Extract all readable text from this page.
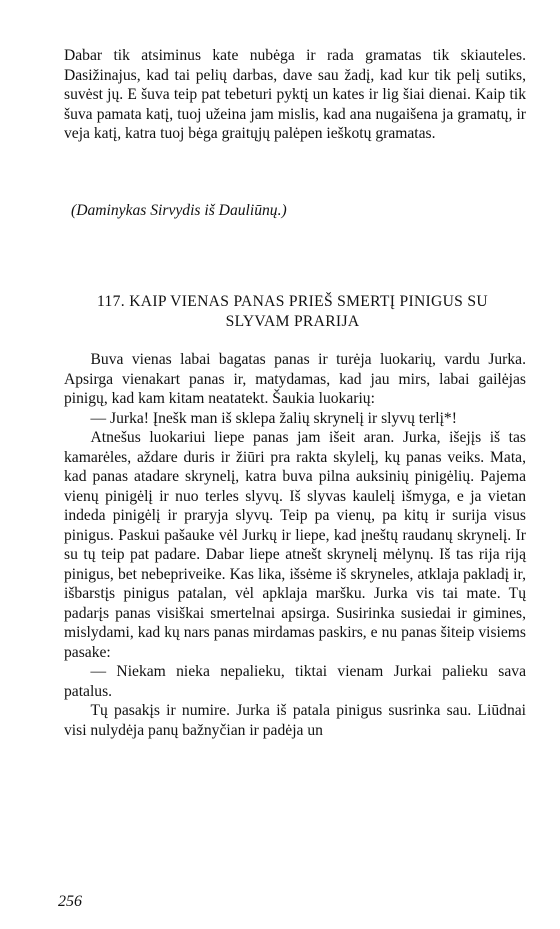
Dabar tik atsiminus kate nubėga ir rada gramatas tik skiauteles. Dasižinajus, kad tai pelių darbas, dave sau žadį, kad kur tik pelį sutiks, suvėst jų. E šuva teip pat tebeturi pyktį un kates ir lig šiai dienai. Kaip tik šuva pamata katį, tuoj užeina jam mislis, kad ana nugaišena ja gramatų, ir veja katį, katra tuoj bėga graitųjų palėpen ieškotų gramatas.

(Daminykas Sirvydis iš Dauliūnų.)
117. KAIP VIENAS PANAS PRIEŠ SMERTĮ PINIGUS SU SLYVAM PRARIJA

Buva vienas labai bagatas panas ir turėja luokarių, vardu Jurka. Apsirga vienakart panas ir, matydamas, kad jau mirs, labai gailėjas pinigų, kad kam kitam neatatekt. Šaukia luokarių:

— Jurka! Įnešk man iš sklepa žalių skrynelį ir slyvų terlį*!

Atnešus luokariui liepe panas jam išeit aran. Jurka, išejįs iš tas kamarėles, aždare duris ir žiūri pra rakta skylelį, kų panas veiks. Mata, kad panas atadare skrynelį, katra buva pilna auksinių pinigėlių. Pajema vienų pinigėlį ir nuo terles slyvų. Iš slyvas kaulelį išmyga, e ja vietan indeda pinigėlį ir praryja slyvų. Teip pa vienų, pa kitų ir surija visus pinigus. Paskui pašauke vėl Jurkų ir liepe, kad įneštų raudanų skrynelį. Ir su tų teip pat padare. Dabar liepe atnešt skrynelį mėlynų. Iš tas rija riją pinigus, bet nebepriveike. Kas lika, išsėme iš skryneles, atklaja pakladį ir, išbarstįs pinigus patalan, vėl apklaja maršku. Jurka vis tai mate. Tų padarįs panas visiškai smertelnai apsirga. Susirinka susiedai ir gimines, mislydami, kad kų nars panas mirdamas paskirs, e nu panas šiteip visiems pasake:

— Niekam nieka nepalieku, tiktai vienam Jurkai palieku sava patalus.

Tų pasakįs ir numire. Jurka iš patala pinigus susrinka sau. Liūdnai visi nulydėja panų bažnyčian ir padėja un

256
